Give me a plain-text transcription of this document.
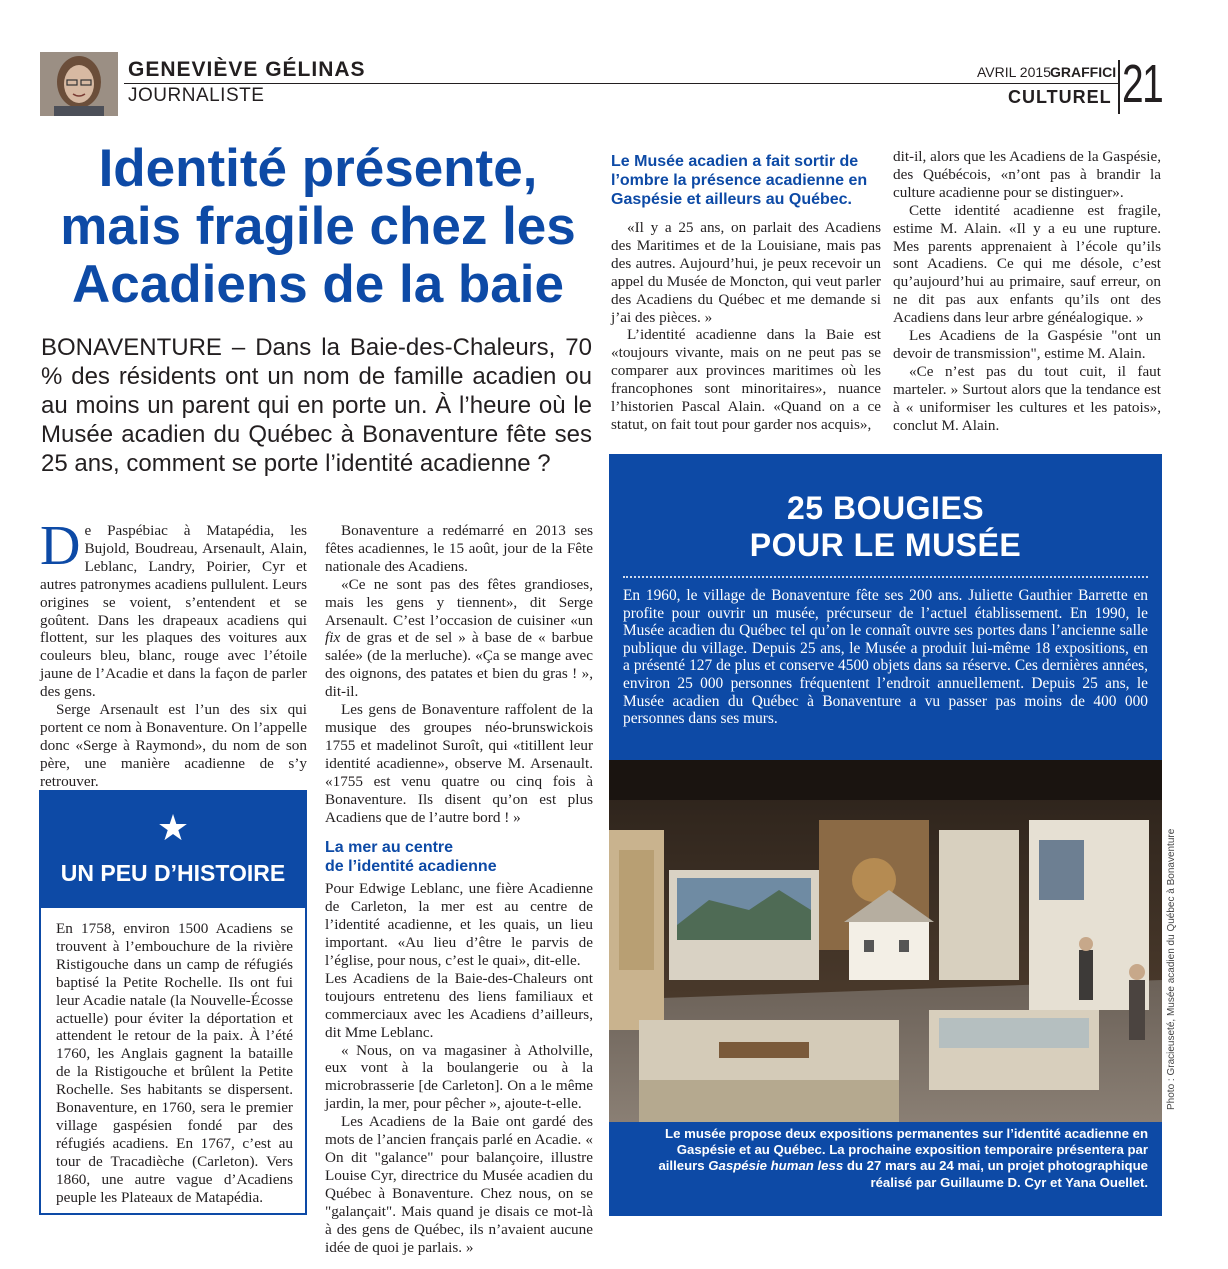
GENEVIÈVE GÉLINAS
JOURNALISTE
AVRIL 2015 GRAFFICI
CULTUREL 21
Identité présente, mais fragile chez les Acadiens de la baie
BONAVENTURE – Dans la Baie-des-Chaleurs, 70 % des résidents ont un nom de famille acadien ou au moins un parent qui en porte un. À l’heure où le Musée acadien du Québec à Bonaventure fête ses 25 ans, comment se porte l’identité acadienne ?

De Paspébiac à Matapédia, les Bujold, Boudreau, Arsenault, Alain, Leblanc, Landry, Poirier, Cyr et autres patronymes acadiens pullulent. Leurs origines se voient, s’entendent et se goûtent. Dans les drapeaux acadiens qui flottent, sur les plaques des voitures aux couleurs bleu, blanc, rouge avec l’étoile jaune de l’Acadie et dans la façon de parler des gens.

Serge Arsenault est l’un des six qui portent ce nom à Bonaventure. On l’appelle donc «Serge à Raymond», du nom de son père, une manière acadienne de s’y retrouver.

★
UN PEU D’HISTOIRE

En 1758, environ 1500 Acadiens se trouvent à l’embouchure de la rivière Ristigouche dans un camp de réfugiés baptisé la Petite Rochelle. Ils ont fui leur Acadie natale (la Nouvelle-Écosse actuelle) pour éviter la déportation et attendent le retour de la paix. À l’été 1760, les Anglais gagnent la bataille de la Ristigouche et brûlent la Petite Rochelle. Ses habitants se dispersent. Bonaventure, en 1760, sera le premier village gaspésien fondé par des réfugiés acadiens. En 1767, c’est au tour de Tracadièche (Carleton). Vers 1860, une autre vague d’Acadiens peuple les Plateaux de Matapédia.

Bonaventure a redémarré en 2013 ses fêtes acadiennes, le 15 août, jour de la Fête nationale des Acadiens.

«Ce ne sont pas des fêtes grandioses, mais les gens y tiennent», dit Serge Arsenault. C’est l’occasion de cuisiner «un fix de gras et de sel » à base de « barbue salée» (de la merluche). «Ça se mange avec des oignons, des patates et bien du gras ! », dit-il.

Les gens de Bonaventure raffolent de la musique des groupes néo-brunswickois 1755 et madelinot Suroît, qui «titillent leur identité acadienne», observe M. Arsenault. «1755 est venu quatre ou cinq fois à Bonaventure. Ils disent qu’on est plus Acadiens que de l’autre bord ! »

La mer au centre
de l’identité acadienne

Pour Edwige Leblanc, une fière Acadienne de Carleton, la mer est au centre de l’identité acadienne, et les quais, un lieu important. «Au lieu d’être le parvis de l’église, pour nous, c’est le quai», dit-elle.

Les Acadiens de la Baie-des-Chaleurs ont toujours entretenu des liens familiaux et commerciaux avec les Acadiens d’ailleurs, dit Mme Leblanc.

« Nous, on va magasiner à Atholville, eux vont à la boulangerie ou à la microbrasserie [de Carleton]. On a le même jardin, la mer, pour pêcher », ajoute-t-elle.

Les Acadiens de la Baie ont gardé des mots de l’ancien français parlé en Acadie. « On dit "galance" pour balançoire, illustre Louise Cyr, directrice du Musée acadien du Québec à Bonaventure. Chez nous, on se "galançait". Mais quand je disais ce mot-là à des gens de Québec, ils n’avaient aucune idée de quoi je parlais. »

Le Musée acadien a fait sortir de l’ombre la présence acadienne en Gaspésie et ailleurs au Québec.

«Il y a 25 ans, on parlait des Acadiens des Maritimes et de la Louisiane, mais pas des autres. Aujourd’hui, je peux recevoir un appel du Musée de Moncton, qui veut parler des Acadiens du Québec et me demande si j’ai des pièces. »

L’identité acadienne dans la Baie est «toujours vivante, mais on ne peut pas se comparer aux provinces maritimes où les francophones sont minoritaires», nuance l’historien Pascal Alain. «Quand on a ce statut, on fait tout pour garder nos acquis»,

dit-il, alors que les Acadiens de la Gaspésie, des Québécois, «n’ont pas à brandir la culture acadienne pour se distinguer».

Cette identité acadienne est fragile, estime M. Alain. «Il y a eu une rupture. Mes parents apprenaient à l’école qu’ils sont Acadiens. Ce qui me désole, c’est qu’aujourd’hui au primaire, sauf erreur, on ne dit pas aux enfants qu’ils ont des Acadiens dans leur arbre généalogique. »

Les Acadiens de la Gaspésie "ont un devoir de transmission", estime M. Alain.

«Ce n’est pas du tout cuit, il faut marteler. » Surtout alors que la tendance est à « uniformiser les cultures et les patois», conclut M. Alain.

25 BOUGIES
POUR LE MUSÉE
En 1960, le village de Bonaventure fête ses 200 ans. Juliette Gauthier Barrette en profite pour ouvrir un musée, précurseur de l’actuel établissement. En 1990, le Musée acadien du Québec tel qu’on le connaît ouvre ses portes dans l’ancienne salle publique du village. Depuis 25 ans, le Musée a produit lui-même 18 expositions, en a présenté 127 de plus et conserve 4500 objets dans sa réserve. Ces dernières années, environ 25 000 personnes fréquentent l’endroit annuellement. Depuis 25 ans, le Musée acadien du Québec à Bonaventure a vu passer pas moins de 400 000 personnes dans ses murs.
Photo : Gracieuseté, Musée acadien du Québec à Bonaventure
Le musée propose deux expositions permanentes sur l’identité acadienne en Gaspésie et au Québec. La prochaine exposition temporaire présentera par ailleurs Gaspésie human less du 27 mars au 24 mai, un projet photographique réalisé par Guillaume D. Cyr et Yana Ouellet.
